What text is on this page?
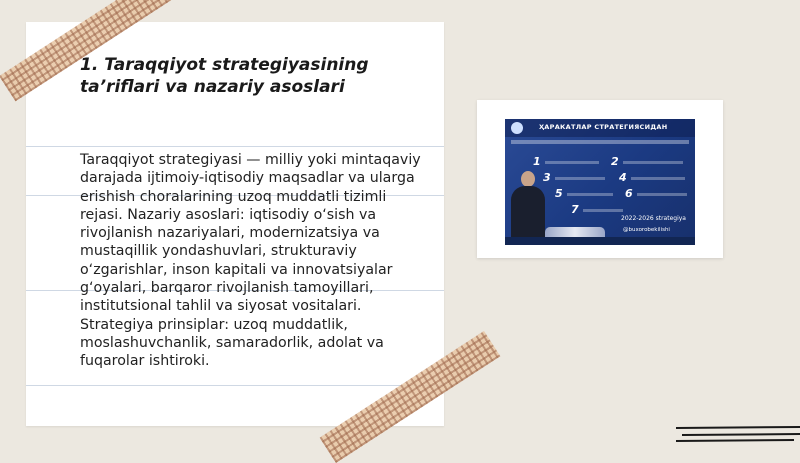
1. Taraqqiyot strategiyasining ta’riflari va nazariy asoslari

Taraqqiyot strategiyasi — milliy yoki mintaqaviy darajada ijtimoiy-iqtisodiy maqsadlar va ularga erishish choralarining uzoq muddatli tizimli rejasi. Nazariy asoslari: iqtisodiy o‘sish va rivojlanish nazariyalari, modernizatsiya va mustaqillik yondashuvlari, strukturaviy o‘zgarishlar, inson kapitali va innovatsiyalar g‘oyalari, barqaror rivojlanish tamoyillari, institutsional tahlil va siyosat vositalari. Strategiya prinsiplar: uzoq muddatlik, moslashuvchanlik, samaradorlik, adolat va fuqarolar ishtiroki.

ҲАРАКАТЛАР СТРАТЕГИЯСИДАН
1	2
3	4
5	6
7
2022-2026 strategiya
@buxorobekilishi
